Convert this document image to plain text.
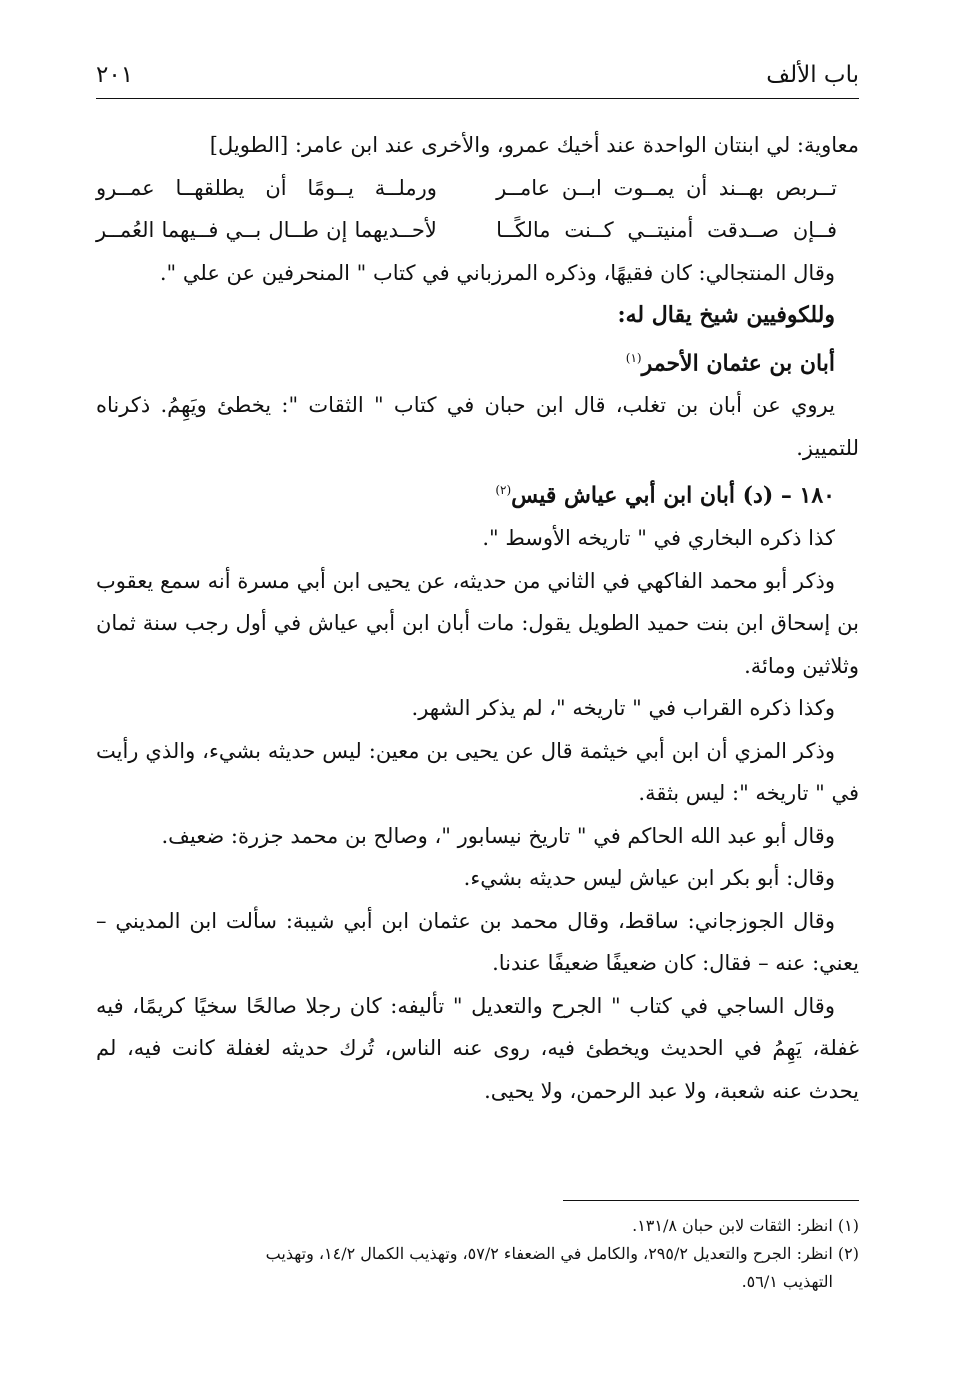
باب الألف
٢٠١

معاوية: لي ابنتان الواحدة عند أخيك عمرو، والأخرى عند ابن عامر: [الطويل]

تــربص بهــند أن يمــوت ابــن عامــر
ورملــة يــومًا أن يطلقهــا عمــرو
فــإن صــدقت أمنيتــي كــنت مالكًــا
لأحــديهما إن طــال بــي فــيهما العُمــر

وقال المنتجالي: كان فقيهًا، وذكره المرزباني في كتاب " المنحرفين عن علي ".

وللكوفيين شيخ يقال له:

أبان بن عثمان الأحمر$^{(١)}$

يروي عن أبان بن تغلب، قال ابن حبان في كتاب " الثقات ": يخطئ ويَهِمُ. ذكرناه للتمييز.

١٨٠ – (د) أبان ابن أبي عياش قيس$^{(٢)}$

كذا ذكره البخاري في " تاريخه الأوسط ".

وذكر أبو محمد الفاكهي في الثاني من حديثه، عن يحيى ابن أبي مسرة أنه سمع يعقوب بن إسحاق ابن بنت حميد الطويل يقول: مات أبان ابن أبي عياش في أول رجب سنة ثمان وثلاثين ومائة.

وكذا ذكره القراب في " تاريخه "، لم يذكر الشهر.

وذكر المزي أن ابن أبي خيثمة قال عن يحيى بن معين: ليس حديثه بشيء، والذي رأيت في " تاريخه ": ليس بثقة.

وقال أبو عبد الله الحاكم في " تاريخ نيسابور "، وصالح بن محمد جزرة: ضعيف.

وقال: أبو بكر ابن عياش ليس حديثه بشيء.

وقال الجوزجاني: ساقط، وقال محمد بن عثمان ابن أبي شيبة: سألت ابن المديني – يعني: عنه – فقال: كان ضعيفًا ضعيفًا عندنا.

وقال الساجي في كتاب " الجرح والتعديل " تأليفه: كان رجلا صالحًا سخيًا كريمًا، فيه غفلة، يَهِمُ في الحديث ويخطئ فيه، روى عنه الناس، تُرك حديثه لغفلة كانت فيه، لم يحدث عنه شعبة، ولا عبد الرحمن، ولا يحيى.

(١) انظر: الثقات لابن حبان ١٣١/٨.

(٢) انظر: الجرح والتعديل ٢٩٥/٢، والكامل في الضعفاء ٥٧/٢، وتهذيب الكمال ١٤/٢، وتهذيب

التهذيب ٥٦/١.
